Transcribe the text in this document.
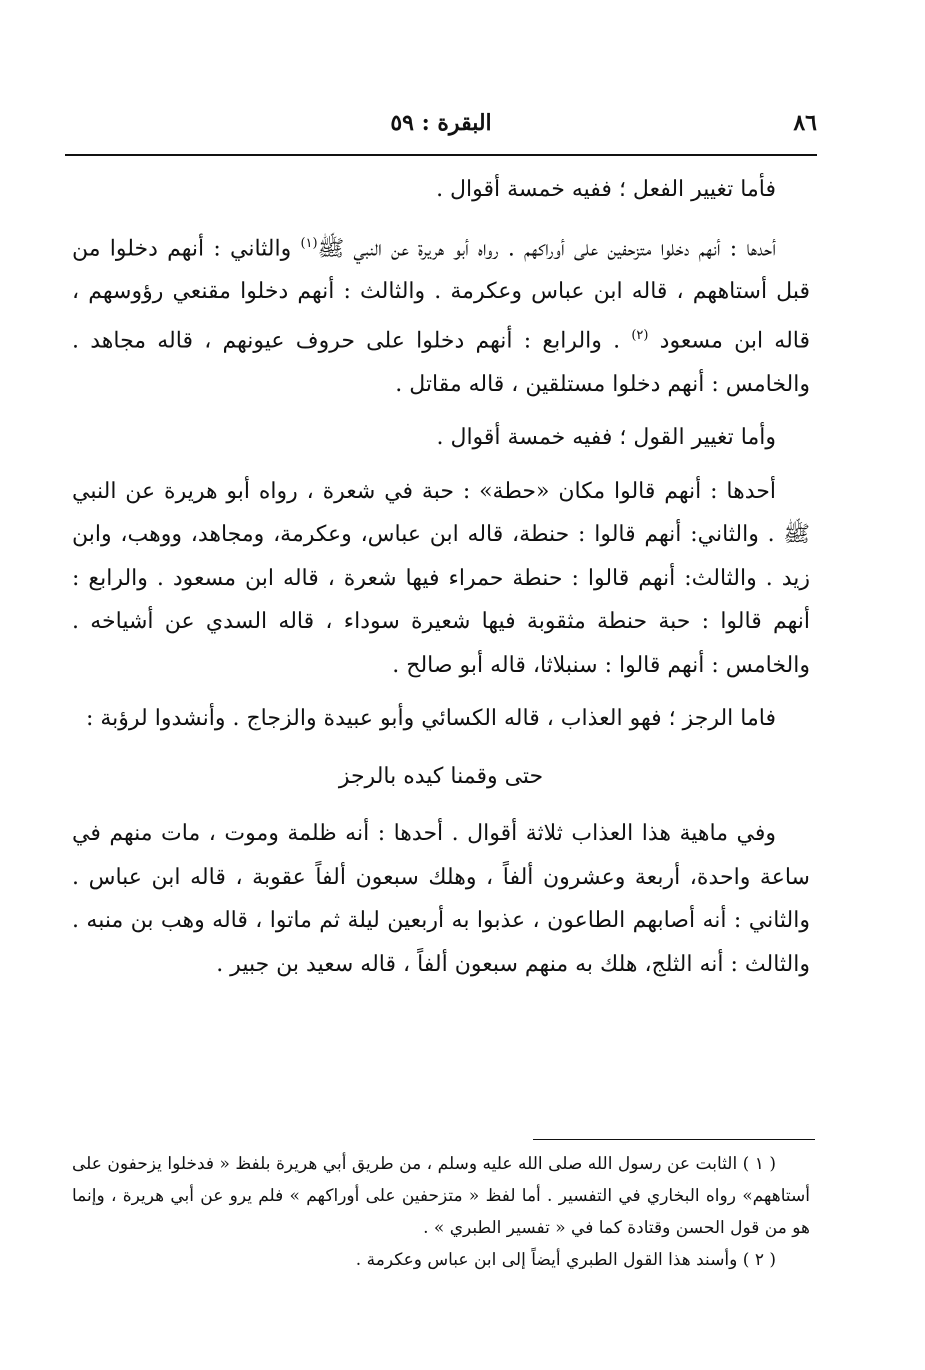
٨٦
البقرة : ٥٩

فأما تغيير الفعل ؛ ففيه خمسة أقوال .

أحدها : أنهم دخلوا متزحفين على أوراكهم . رواه أبو هريرة عن النبي ﷺ$^{(١)}$ والثاني : أنهم دخلوا من قبل أستاههم ، قاله ابن عباس وعكرمة . والثالث : أنهم دخلوا مقنعي رؤوسهم ، قاله ابن مسعود $^{(٢)}$ . والرابع : أنهم دخلوا على حروف عيونهم ، قاله مجاهد . والخامس : أنهم دخلوا مستلقين ، قاله مقاتل .

وأما تغيير القول ؛ ففيه خمسة أقوال .

أحدها : أنهم قالوا مكان «حطة» : حبة في شعرة ، رواه أبو هريرة عن النبي ﷺ . والثاني: أنهم قالوا : حنطة، قاله ابن عباس، وعكرمة، ومجاهد، ووهب، وابن زيد . والثالث: أنهم قالوا : حنطة حمراء فيها شعرة ، قاله ابن مسعود . والرابع : أنهم قالوا : حبة حنطة مثقوبة فيها شعيرة سوداء ، قاله السدي عن أشياخه . والخامس : أنهم قالوا : سنبلاثا، قاله أبو صالح .

فاما الرجز ؛ فهو العذاب ، قاله الكسائي وأبو عبيدة والزجاج . وأنشدوا لرؤبة :

حتى وقمنا كيده بالرجز

وفي ماهية هذا العذاب ثلاثة أقوال . أحدها : أنه ظلمة وموت ، مات منهم في ساعة واحدة، أربعة وعشرون ألفاً ، وهلك سبعون ألفاً عقوبة ، قاله ابن عباس . والثاني : أنه أصابهم الطاعون ، عذبوا به أربعين ليلة ثم ماتوا ، قاله وهب بن منبه . والثالث : أنه الثلج، هلك به منهم سبعون ألفاً ، قاله سعيد بن جبير .

( ١ ) الثابت عن رسول الله صلى الله عليه وسلم ، من طريق أبي هريرة بلفظ « فدخلوا يزحفون على أستاههم» رواه البخاري في التفسير . أما لفظ « متزحفين على أوراكهم » فلم يرو عن أبي هريرة ، وإنما هو من قول الحسن وقتادة كما في « تفسير الطبري » .

( ٢ ) وأسند هذا القول الطبري أيضاً إلى ابن عباس وعكرمة .
